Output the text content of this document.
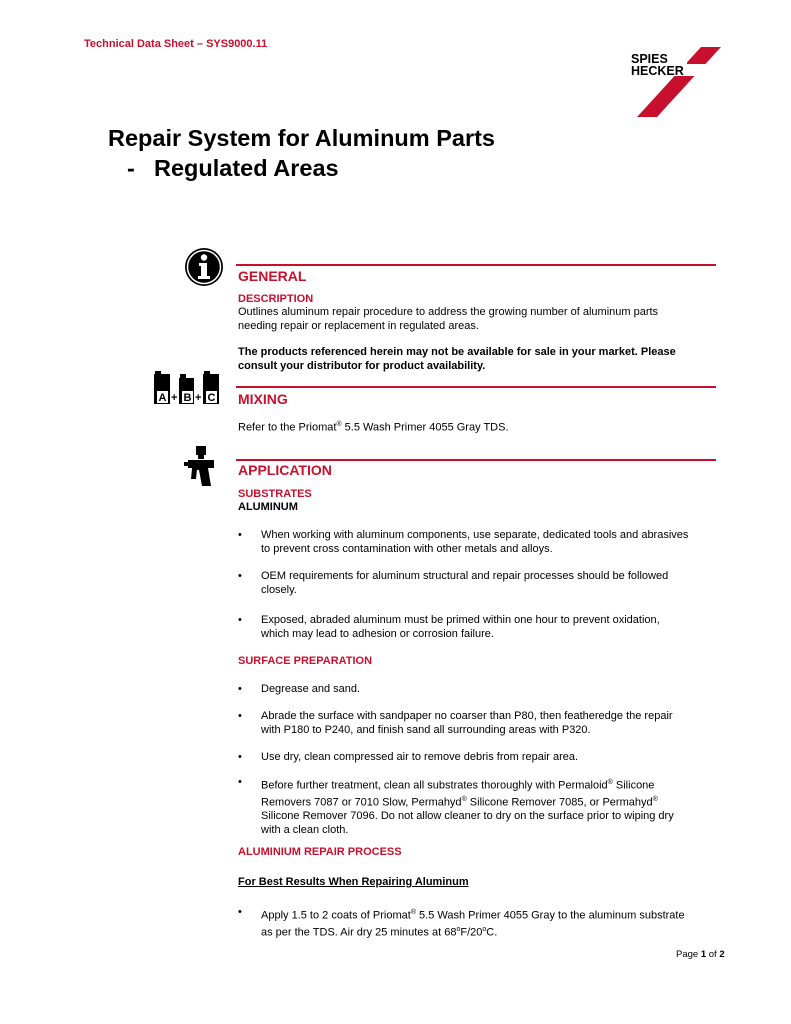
Technical Data Sheet – SYS9000.11
SPIES
HECKER
Repair System for Aluminum Parts
- Regulated Areas
GENERAL
DESCRIPTION
Outlines aluminum repair procedure to address the growing number of aluminum parts
needing repair or replacement in regulated areas.
The products referenced herein may not be available for sale in your market. Please
consult your distributor for product availability.
A B C
+ +	MIXING
Refer to the Priomat® 5.5 Wash Primer 4055 Gray TDS.
APPLICATION
SUBSTRATES
ALUMINUM
• When working with aluminum components, use separate, dedicated tools and abrasives
to prevent cross contamination with other metals and alloys.
• OEM requirements for aluminum structural and repair processes should be followed
closely.
• Exposed, abraded aluminum must be primed within one hour to prevent oxidation,
which may lead to adhesion or corrosion failure.
SURFACE PREPARATION
• Degrease and sand.
• Abrade the surface with sandpaper no coarser than P80, then featheredge the repair
with P180 to P240, and finish sand all surrounding areas with P320.
• Use dry, clean compressed air to remove debris from repair area.
• Before further treatment, clean all substrates thoroughly with Permaloid® Silicone
Removers 7087 or 7010 Slow, Permahyd® Silicone Remover 7085, or Permahyd®
Silicone Remover 7096. Do not allow cleaner to dry on the surface prior to wiping dry
with a clean cloth.
ALUMINIUM REPAIR PROCESS
For Best Results When Repairing Aluminum
• Apply 1.5 to 2 coats of Priomat® 5.5 Wash Primer 4055 Gray to the aluminum substrate
as per the TDS. Air dry 25 minutes at 68$^o$F/20$^o$C.
Page 1 of 2
